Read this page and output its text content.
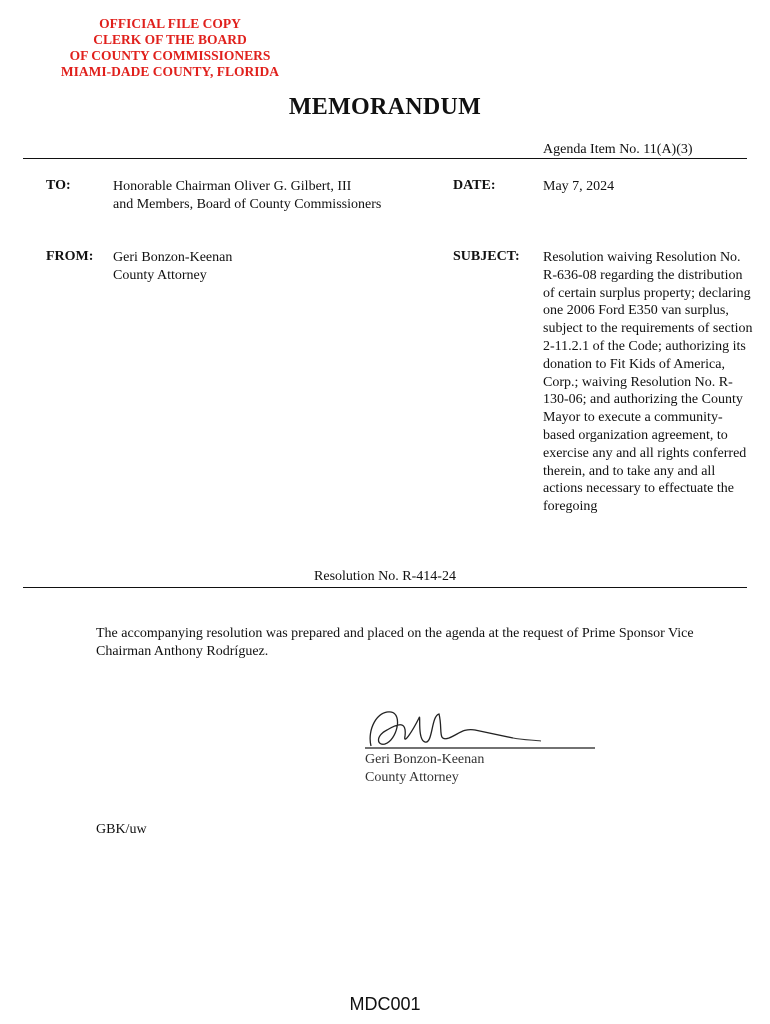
OFFICIAL FILE COPY
CLERK OF THE BOARD
OF COUNTY COMMISSIONERS
MIAMI-DADE COUNTY, FLORIDA
MEMORANDUM
Agenda Item No. 11(A)(3)
TO:	Honorable Chairman Oliver G. Gilbert, III
and Members, Board of County Commissioners
DATE:	May 7, 2024
FROM: Geri Bonzon-Keenan
County Attorney
SUBJECT: Resolution waiving Resolution No. R-636-08 regarding the distribution of certain surplus property; declaring one 2006 Ford E350 van surplus, subject to the requirements of section 2-11.2.1 of the Code; authorizing its donation to Fit Kids of America, Corp.; waiving Resolution No. R-130-06; and authorizing the County Mayor to execute a community-based organization agreement, to exercise any and all rights conferred therein, and to take any and all actions necessary to effectuate the foregoing
Resolution No. R-414-24
The accompanying resolution was prepared and placed on the agenda at the request of Prime Sponsor Vice Chairman Anthony Rodríguez.
Geri Bonzon-Keenan
County Attorney
GBK/uw
MDC001
